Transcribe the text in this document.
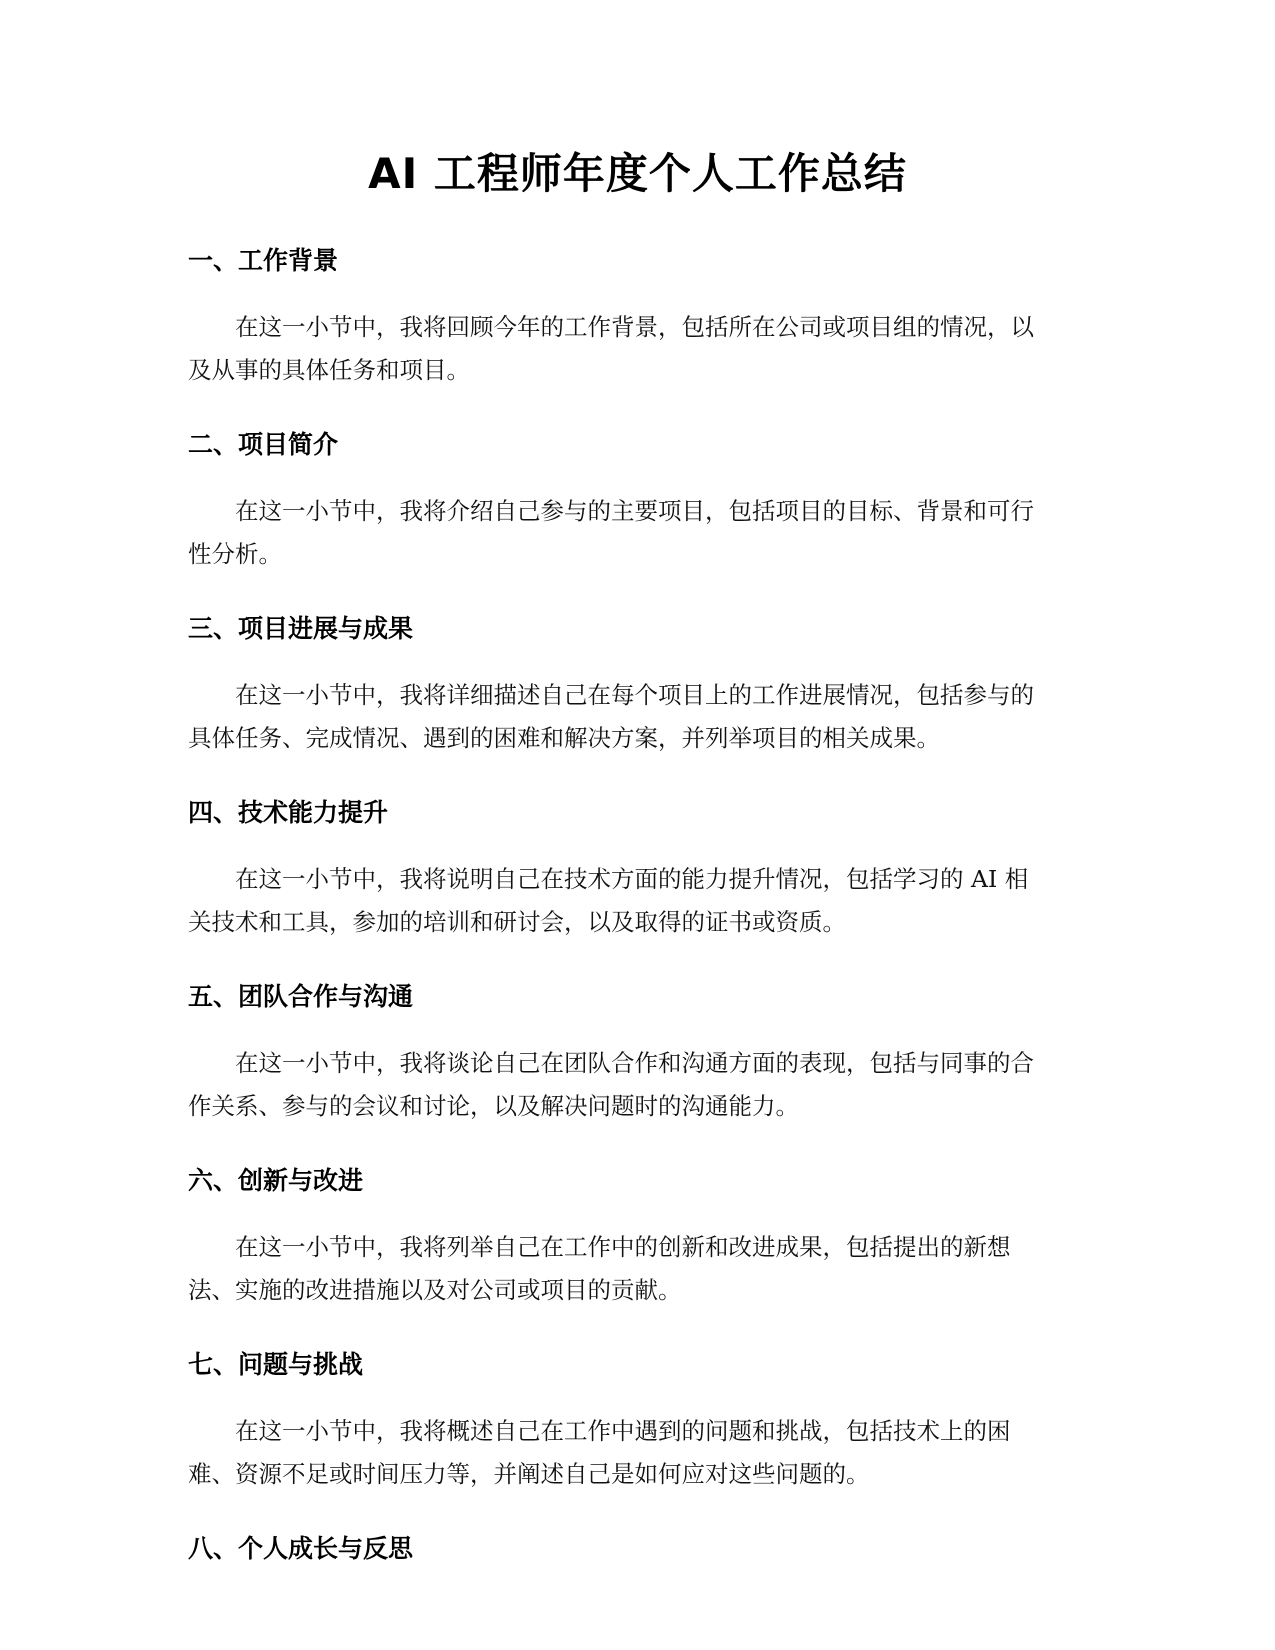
AI 工程师年度个人工作总结
一、工作背景

在这一小节中，我将回顾今年的工作背景，包括所在公司或项目组的情况，以
及从事的具体任务和项目。

二、项目简介

在这一小节中，我将介绍自己参与的主要项目，包括项目的目标、背景和可行
性分析。

三、项目进展与成果

在这一小节中，我将详细描述自己在每个项目上的工作进展情况，包括参与的
具体任务、完成情况、遇到的困难和解决方案，并列举项目的相关成果。

四、技术能力提升

在这一小节中，我将说明自己在技术方面的能力提升情况，包括学习的 AI 相
关技术和工具，参加的培训和研讨会，以及取得的证书或资质。

五、团队合作与沟通

在这一小节中，我将谈论自己在团队合作和沟通方面的表现，包括与同事的合
作关系、参与的会议和讨论，以及解决问题时的沟通能力。

六、创新与改进

在这一小节中，我将列举自己在工作中的创新和改进成果，包括提出的新想
法、实施的改进措施以及对公司或项目的贡献。

七、问题与挑战

在这一小节中，我将概述自己在工作中遇到的问题和挑战，包括技术上的困
难、资源不足或时间压力等，并阐述自己是如何应对这些问题的。

八、个人成长与反思
